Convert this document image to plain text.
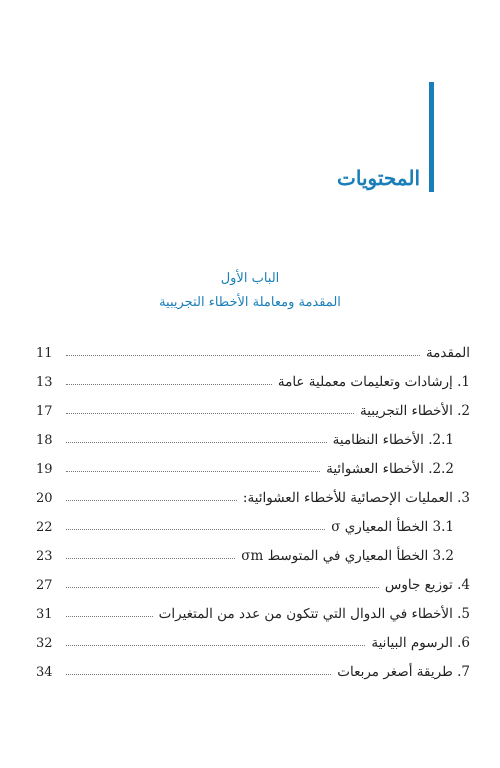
المحتويات
الباب الأول
المقدمة ومعاملة الأخطاء التجريبية
11	المقدمة
13	1. إرشادات وتعليمات معملية عامة
17	2. الأخطاء التجريبية
18	2.1. الأخطاء النظامية
19	2.2. الأخطاء العشوائية
20	3. العمليات الإحصائية للأخطاء العشوائية:
22	3.1 الخطأ المعياري σ
23	3.2 الخطأ المعياري في المتوسط σm
27	4. توزيع جاوس
31	5. الأخطاء في الدوال التي تتكون من عدد من المتغيرات
32	6. الرسوم البيانية
34	7. طريقة أصغر مربعات
